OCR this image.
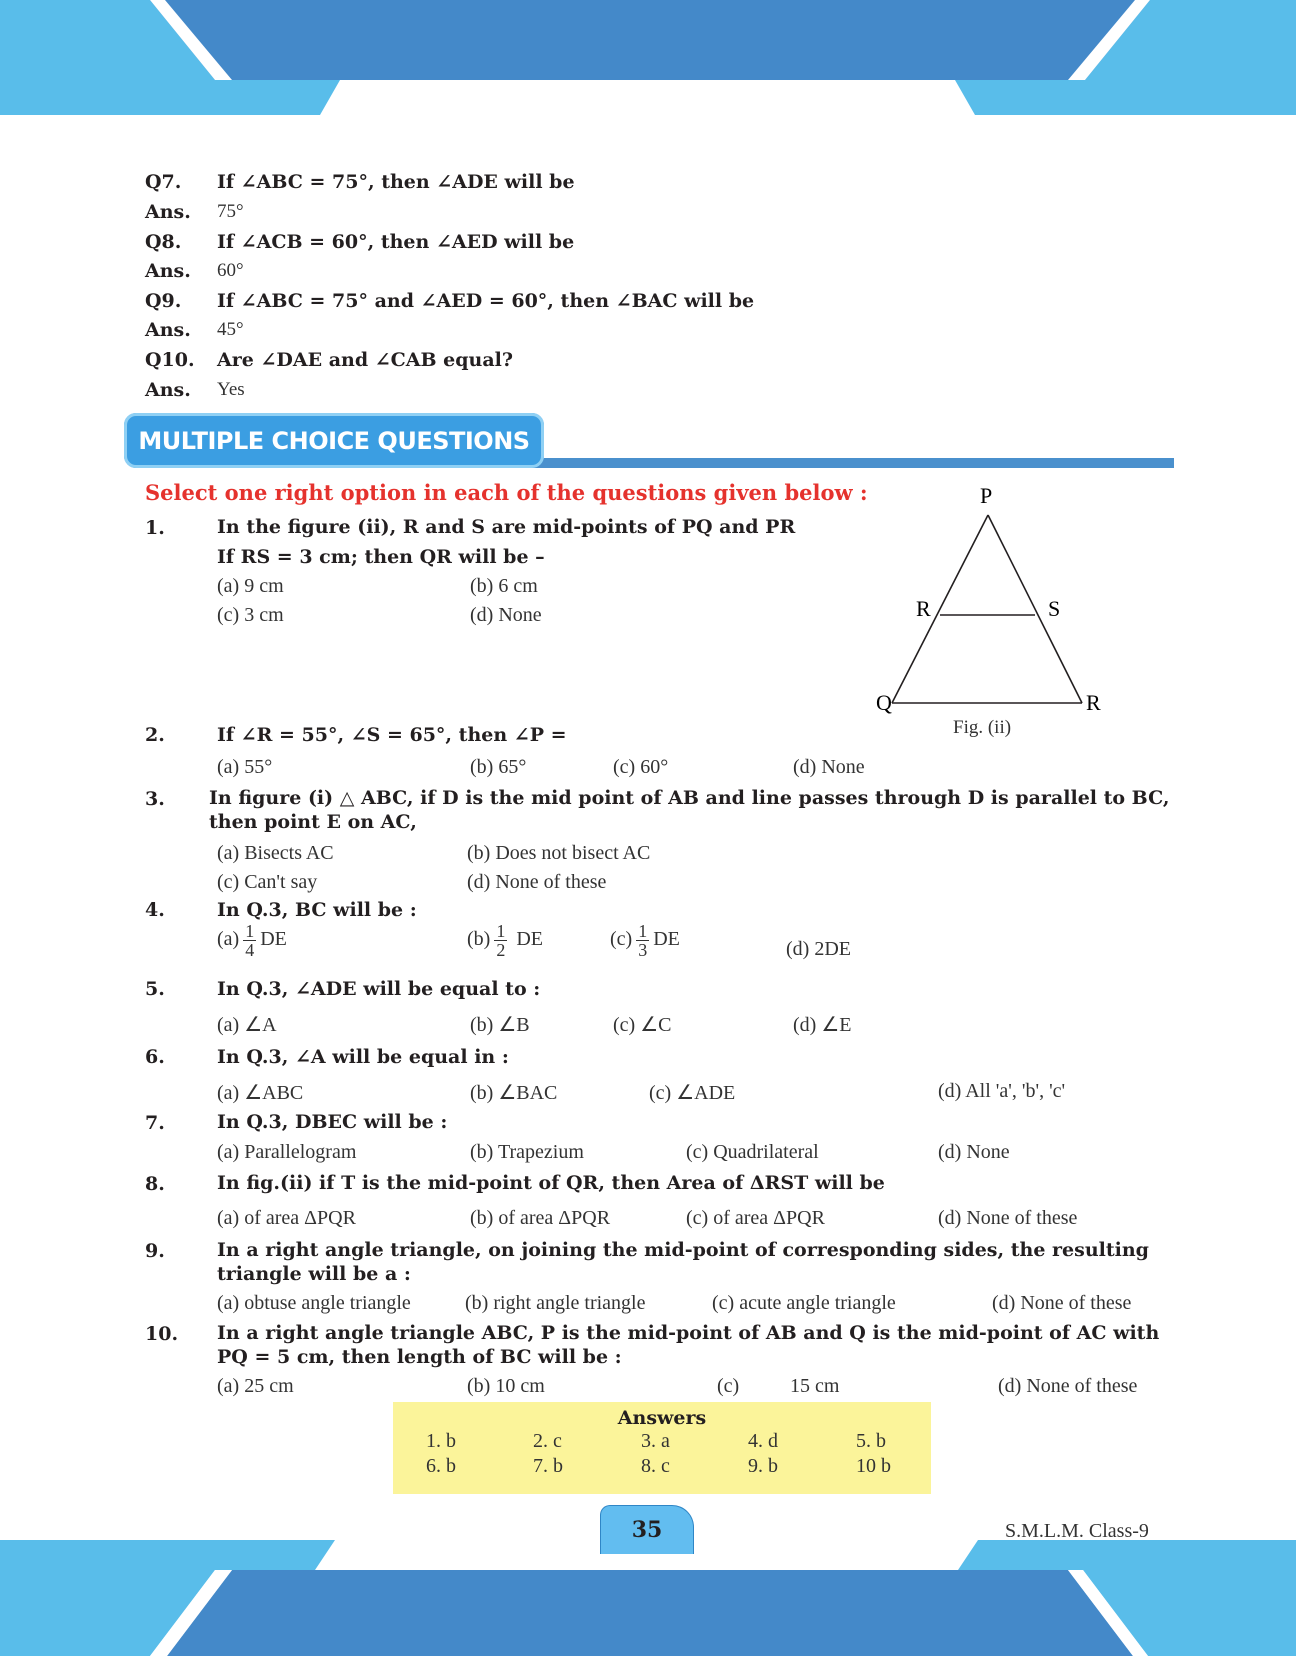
Q7. If ∠ABC = 75°, then ∠ADE will be
Ans. 75°
Q8. If ∠ACB = 60°, then ∠AED will be
Ans. 60°
Q9. If ∠ABC = 75° and ∠AED = 60°, then ∠BAC will be
Ans. 45°
Q10. Are ∠DAE and ∠CAB equal?
Ans. Yes
MULTIPLE CHOICE QUESTIONS
Select one right option in each of the questions given below :	P
R	S
Q	R
Fig. (ii)
1.	In the figure (ii), R and S are mid-points of PQ and PR
If RS = 3 cm; then QR will be –
(a) 9 cm	(b) 6 cm
(c) 3 cm	(d) None
2.	If ∠R = 55°, ∠S = 65°, then ∠P =
(a) 55°	(b) 65°	(c) 60°	(d) None
3. In figure (i) △ ABC, if D is the mid point of AB and line passes through D is parallel to BC,
then point E on AC,
(a) Bisects AC	(b) Does not bisect AC
(c) Can't say	(d) None of these
4.	In Q.3, BC will be :
$(a) \frac{1}{4}$ DE	$(b) \frac{1}{2}$ DE	$(c) \frac{1}{3}$ DE	(d) 2DE
5.	In Q.3, ∠ADE will be equal to :
(a) ∠A	(b) ∠B	(c) ∠C	(d) ∠E
6.	In Q.3, ∠A will be equal in :
(a) ∠ABC	(b) ∠BAC	(c) ∠ADE	(d) All 'a', 'b', 'c'
7.	In Q.3, DBEC will be :
(a) Parallelogram	(b) Trapezium	(c) Quadrilateral	(d) None
8.	In fig.(ii) if T is the mid-point of QR, then Area of ΔRST will be
(a) of area ΔPQR	(b) of area ΔPQR	(c) of area ΔPQR	(d) None of these
9.	In a right angle triangle, on joining the mid-point of corresponding sides, the resulting
triangle will be a :
(a) obtuse angle triangle	(b) right angle triangle	(c) acute angle triangle	(d) None of these
10. In a right angle triangle ABC, P is the mid-point of AB and Q is the mid-point of AC with
PQ = 5 cm, then length of BC will be :
(a) 25 cm	(b) 10 cm	(c)	15 cm	(d) None of these
Answers
1. b	2. c	3. a	4. d	5. b
6. b	7. b	8. c	9. b	10 b
35	S.M.L.M. Class-9
